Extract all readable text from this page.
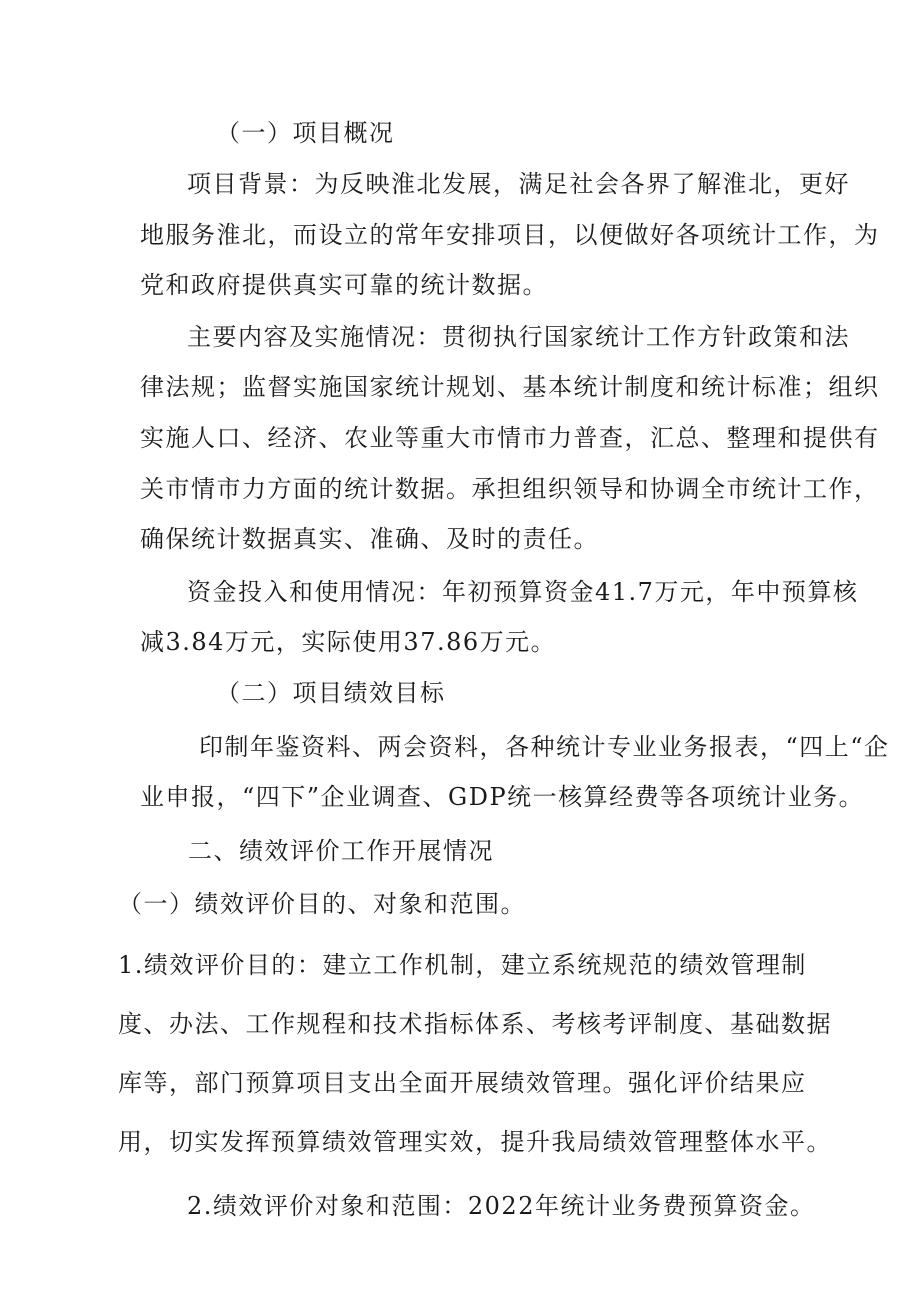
（一）项目概况
项目背景：为反映淮北发展，满足社会各界了解淮北，更好
地服务淮北，而设立的常年安排项目，以便做好各项统计工作，为
党和政府提供真实可靠的统计数据。
主要内容及实施情况：贯彻执行国家统计工作方针政策和法
律法规；监督实施国家统计规划、基本统计制度和统计标准；组织
实施人口、经济、农业等重大市情市力普查，汇总、整理和提供有
关市情市力方面的统计数据。承担组织领导和协调全市统计工作，
确保统计数据真实、准确、及时的责任。
资金投入和使用情况：年初预算资金41.7万元，年中预算核
减3.84万元，实际使用37.86万元。
（二）项目绩效目标
印制年鉴资料、两会资料，各种统计专业业务报表，“四上“企
业申报，“四下”企业调查、GDP统一核算经费等各项统计业务。
二、绩效评价工作开展情况
（一）绩效评价目的、对象和范围。
1.绩效评价目的：建立工作机制，建立系统规范的绩效管理制
度、办法、工作规程和技术指标体系、考核考评制度、基础数据
库等，部门预算项目支出全面开展绩效管理。强化评价结果应
用，切实发挥预算绩效管理实效，提升我局绩效管理整体水平。
2.绩效评价对象和范围：2022年统计业务费预算资金。
